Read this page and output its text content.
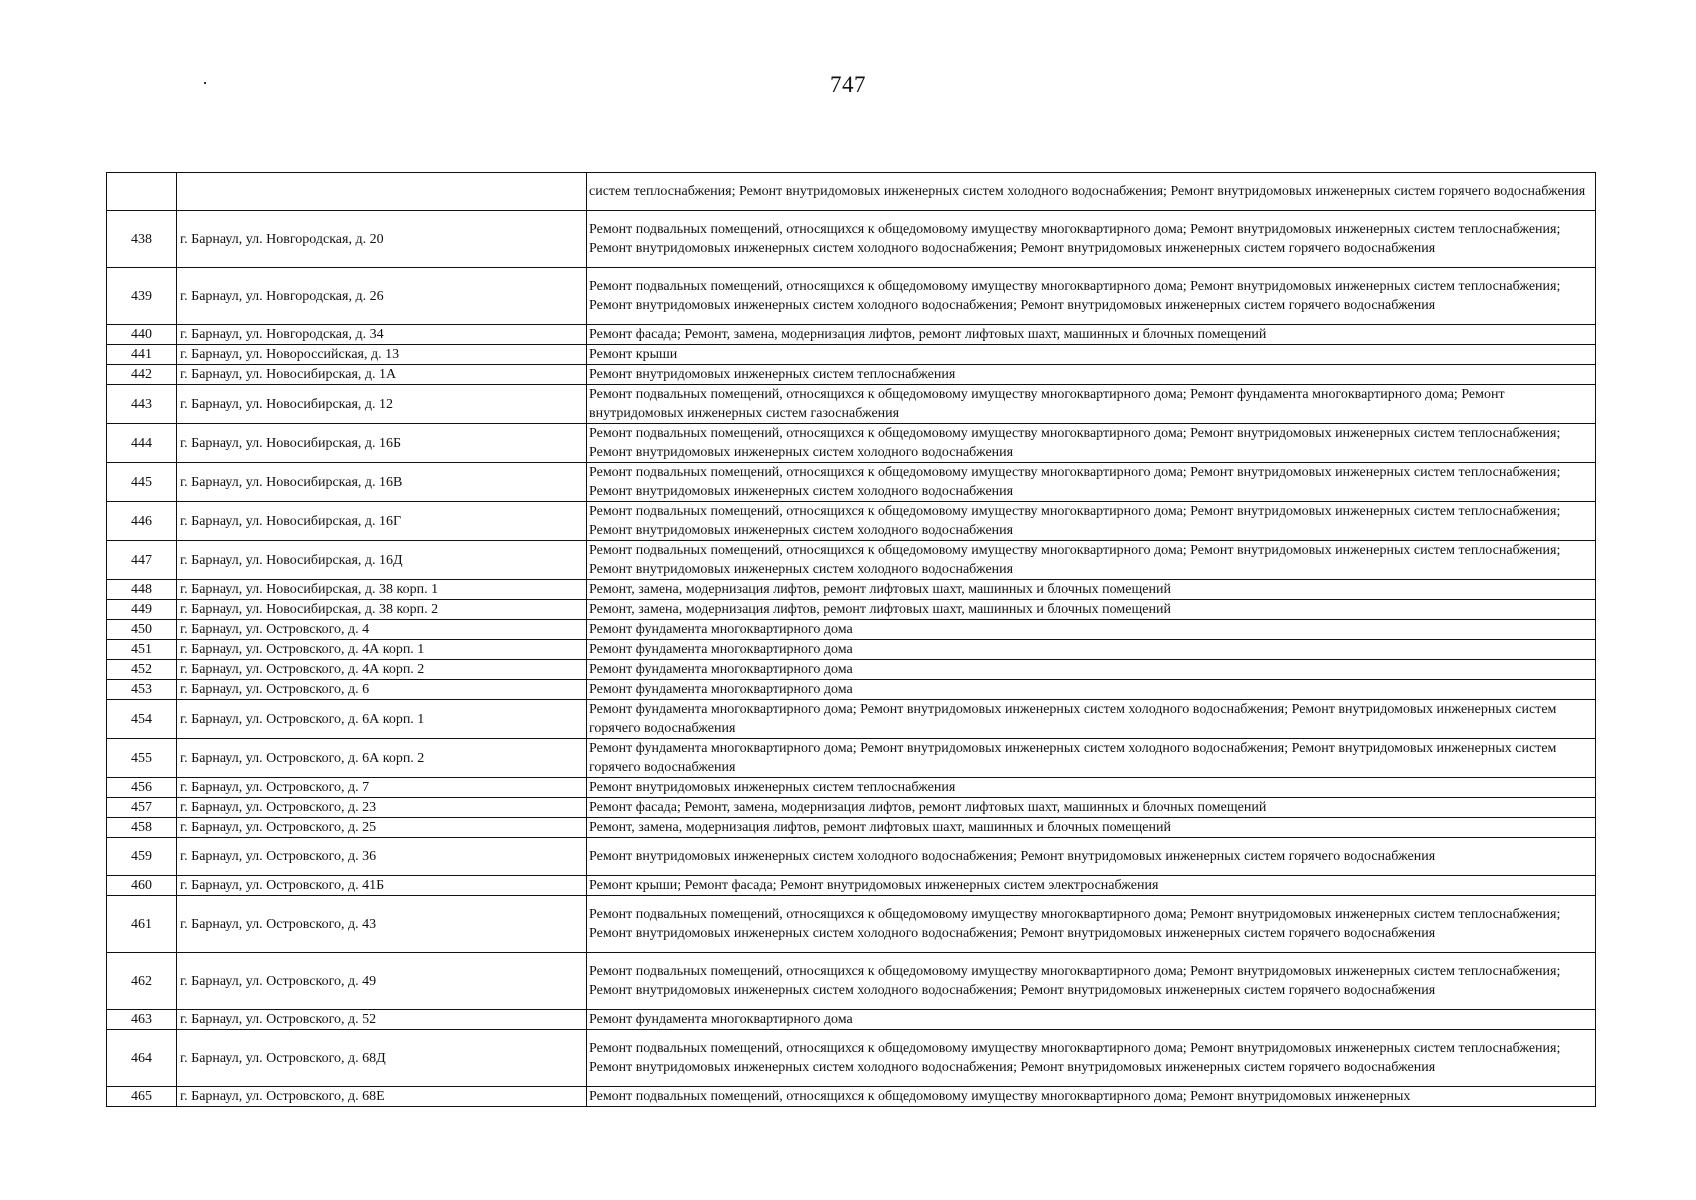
747
		систем теплоснабжения; Ремонт внутридомовых инженерных систем холодного водоснабжения; Ремонт внутридомовых инженерных систем горячего водоснабжения
438	г. Барнаул, ул. Новгородская, д. 20	Ремонт подвальных помещений, относящихся к общедомовому имуществу многоквартирного дома; Ремонт внутридомовых инженерных систем теплоснабжения; Ремонт внутридомовых инженерных систем холодного водоснабжения; Ремонт внутридомовых инженерных систем горячего водоснабжения
439	г. Барнаул, ул. Новгородская, д. 26	Ремонт подвальных помещений, относящихся к общедомовому имуществу многоквартирного дома; Ремонт внутридомовых инженерных систем теплоснабжения; Ремонт внутридомовых инженерных систем холодного водоснабжения; Ремонт внутридомовых инженерных систем горячего водоснабжения
440	г. Барнаул, ул. Новгородская, д. 34	Ремонт фасада; Ремонт, замена, модернизация лифтов, ремонт лифтовых шахт, машинных и блочных помещений
441	г. Барнаул, ул. Новороссийская, д. 13	Ремонт крыши
442	г. Барнаул, ул. Новосибирская, д. 1А	Ремонт внутридомовых инженерных систем теплоснабжения
443	г. Барнаул, ул. Новосибирская, д. 12	Ремонт подвальных помещений, относящихся к общедомовому имуществу многоквартирного дома; Ремонт фундамента многоквартирного дома; Ремонт внутридомовых инженерных систем газоснабжения
444	г. Барнаул, ул. Новосибирская, д. 16Б	Ремонт подвальных помещений, относящихся к общедомовому имуществу многоквартирного дома; Ремонт внутридомовых инженерных систем теплоснабжения; Ремонт внутридомовых инженерных систем холодного водоснабжения
445	г. Барнаул, ул. Новосибирская, д. 16В	Ремонт подвальных помещений, относящихся к общедомовому имуществу многоквартирного дома; Ремонт внутридомовых инженерных систем теплоснабжения; Ремонт внутридомовых инженерных систем холодного водоснабжения
446	г. Барнаул, ул. Новосибирская, д. 16Г	Ремонт подвальных помещений, относящихся к общедомовому имуществу многоквартирного дома; Ремонт внутридомовых инженерных систем теплоснабжения; Ремонт внутридомовых инженерных систем холодного водоснабжения
447	г. Барнаул, ул. Новосибирская, д. 16Д	Ремонт подвальных помещений, относящихся к общедомовому имуществу многоквартирного дома; Ремонт внутридомовых инженерных систем теплоснабжения; Ремонт внутридомовых инженерных систем холодного водоснабжения
448	г. Барнаул, ул. Новосибирская, д. 38 корп. 1	Ремонт, замена, модернизация лифтов, ремонт лифтовых шахт, машинных и блочных помещений
449	г. Барнаул, ул. Новосибирская, д. 38 корп. 2	Ремонт, замена, модернизация лифтов, ремонт лифтовых шахт, машинных и блочных помещений
450	г. Барнаул, ул. Островского, д. 4	Ремонт фундамента многоквартирного дома
451	г. Барнаул, ул. Островского, д. 4А корп. 1	Ремонт фундамента многоквартирного дома
452	г. Барнаул, ул. Островского, д. 4А корп. 2	Ремонт фундамента многоквартирного дома
453	г. Барнаул, ул. Островского, д. 6	Ремонт фундамента многоквартирного дома
454	г. Барнаул, ул. Островского, д. 6А корп. 1	Ремонт фундамента многоквартирного дома; Ремонт внутридомовых инженерных систем холодного водоснабжения; Ремонт внутридомовых инженерных систем горячего водоснабжения
455	г. Барнаул, ул. Островского, д. 6А корп. 2	Ремонт фундамента многоквартирного дома; Ремонт внутридомовых инженерных систем холодного водоснабжения; Ремонт внутридомовых инженерных систем горячего водоснабжения
456	г. Барнаул, ул. Островского, д. 7	Ремонт внутридомовых инженерных систем теплоснабжения
457	г. Барнаул, ул. Островского, д. 23	Ремонт фасада; Ремонт, замена, модернизация лифтов, ремонт лифтовых шахт, машинных и блочных помещений
458	г. Барнаул, ул. Островского, д. 25	Ремонт, замена, модернизация лифтов, ремонт лифтовых шахт, машинных и блочных помещений
459	г. Барнаул, ул. Островского, д. 36	Ремонт внутридомовых инженерных систем холодного водоснабжения; Ремонт внутридомовых инженерных систем горячего водоснабжения
460	г. Барнаул, ул. Островского, д. 41Б	Ремонт крыши; Ремонт фасада; Ремонт внутридомовых инженерных систем электроснабжения
461	г. Барнаул, ул. Островского, д. 43	Ремонт подвальных помещений, относящихся к общедомовому имуществу многоквартирного дома; Ремонт внутридомовых инженерных систем теплоснабжения; Ремонт внутридомовых инженерных систем холодного водоснабжения; Ремонт внутридомовых инженерных систем горячего водоснабжения
462	г. Барнаул, ул. Островского, д. 49	Ремонт подвальных помещений, относящихся к общедомовому имуществу многоквартирного дома; Ремонт внутридомовых инженерных систем теплоснабжения; Ремонт внутридомовых инженерных систем холодного водоснабжения; Ремонт внутридомовых инженерных систем горячего водоснабжения
463	г. Барнаул, ул. Островского, д. 52	Ремонт фундамента многоквартирного дома
464	г. Барнаул, ул. Островского, д. 68Д	Ремонт подвальных помещений, относящихся к общедомовому имуществу многоквартирного дома; Ремонт внутридомовых инженерных систем теплоснабжения; Ремонт внутридомовых инженерных систем холодного водоснабжения; Ремонт внутридомовых инженерных систем горячего водоснабжения
465	г. Барнаул, ул. Островского, д. 68Е	Ремонт подвальных помещений, относящихся к общедомовому имуществу многоквартирного дома; Ремонт внутридомовых инженерных
